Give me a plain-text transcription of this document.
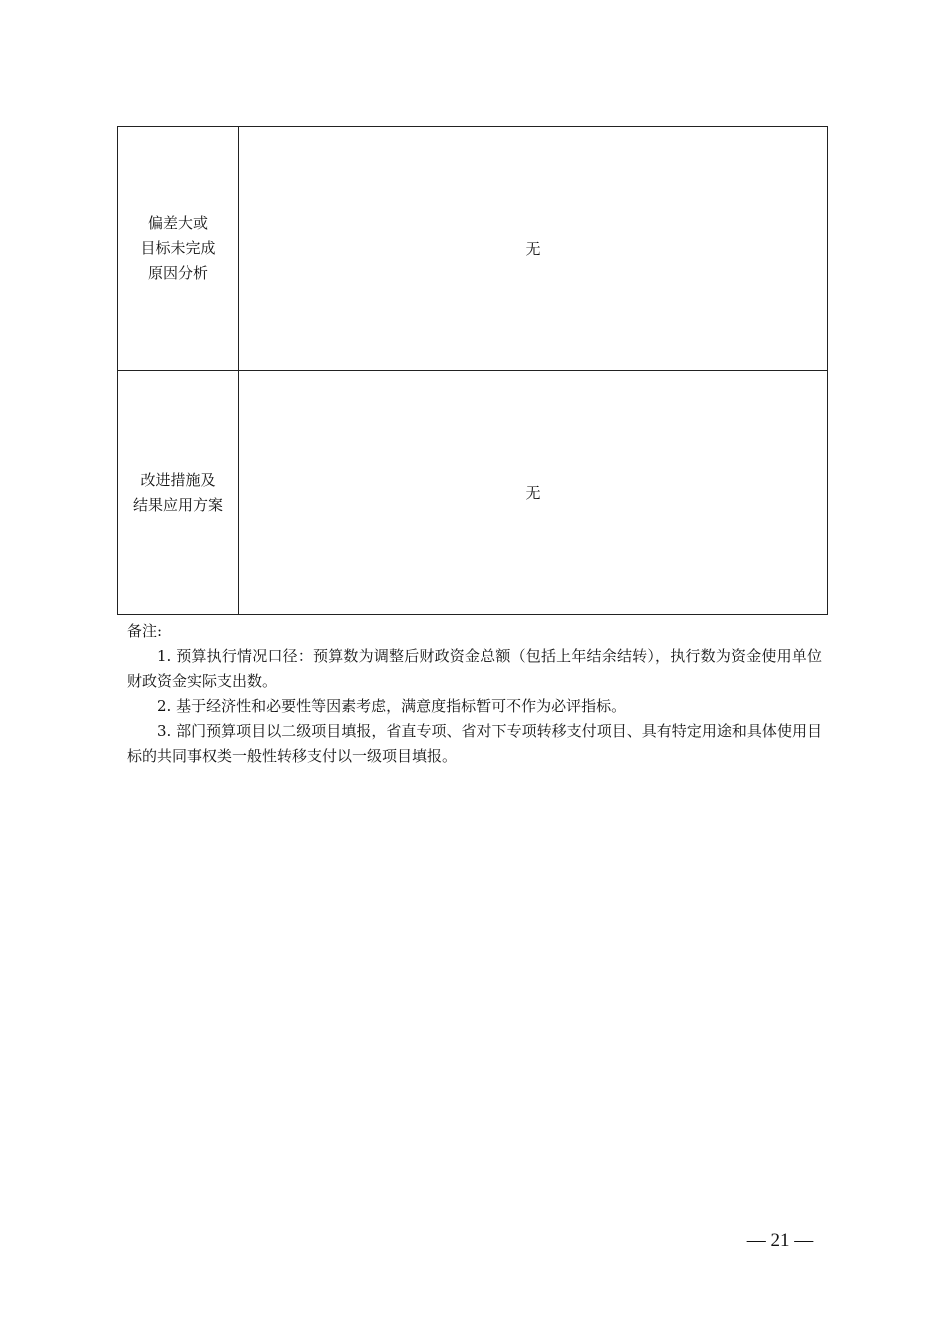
偏差大或
目标未完成
原因分析	无

改进措施及
结果应用方案	无
备注:
1. 预算执行情况口径：预算数为调整后财政资金总额（包括上年结余结转），执行数为资金使用单位财政资金实际支出数。
2. 基于经济性和必要性等因素考虑，满意度指标暂可不作为必评指标。
3. 部门预算项目以二级项目填报，省直专项、省对下专项转移支付项目、具有特定用途和具体使用目标的共同事权类一般性转移支付以一级项目填报。
— 21 —
